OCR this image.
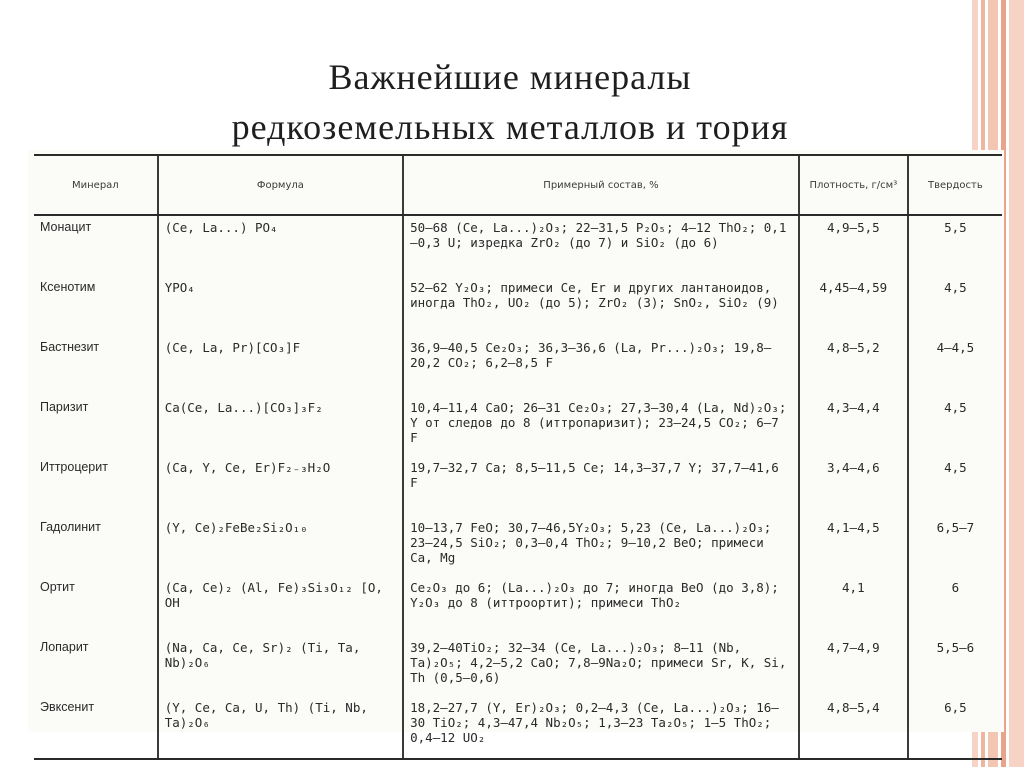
Важнейшие минералы
редкоземельных металлов и тория
Минерал	Формула	Примерный состав, %	Плотность, г/см³	Твердость
Монацит	(Ce, La...) PO₄	50—68 (Ce, La...)₂O₃; 22—31,5 P₂O₅; 4—12 ThO₂; 0,1—0,3 U; изредка ZrO₂ (до 7) и SiO₂ (до 6)	4,9—5,5	5,5
Ксенотим	YPO₄	52—62 Y₂O₃; примеси Ce, Er и других лантаноидов, иногда ThO₂, UO₂ (до 5); ZrO₂ (3); SnO₂, SiO₂ (9)	4,45—4,59	4,5
Бастнезит	(Ce, La, Pr)[CO₃]F	36,9—40,5 Ce₂O₃; 36,3—36,6 (La, Pr...)₂O₃; 19,8—20,2 CO₂; 6,2—8,5 F	4,8—5,2	4—4,5
Паризит	Ca(Ce, La...)[CO₃]₃F₂	10,4—11,4 CaO; 26—31 Ce₂O₃; 27,3—30,4 (La, Nd)₂O₃; Y от следов до 8 (иттропаризит); 23—24,5 CO₂; 6—7 F	4,3—4,4	4,5
Иттроцерит	(Ca, Y, Ce, Er)F₂₋₃H₂O	19,7—32,7 Ca; 8,5—11,5 Ce; 14,3—37,7 Y; 37,7—41,6 F	3,4—4,6	4,5
Гадолинит	(Y, Ce)₂FeBe₂Si₂O₁₀	10—13,7 FeO; 30,7—46,5Y₂O₃; 5,23 (Ce, La...)₂O₃; 23—24,5 SiO₂; 0,3—0,4 ThO₂; 9—10,2 BeO; примеси Ca, Mg	4,1—4,5	6,5—7
Ортит	(Ca, Ce)₂ (Al, Fe)₃Si₃O₁₂ [O, OH	Ce₂O₃ до 6; (La...)₂O₃ до 7; иногда BeO (до 3,8); Y₂O₃ до 8 (иттроортит); примеси ThO₂	4,1	6
Лопарит	(Na, Ca, Ce, Sr)₂ (Ti, Ta, Nb)₂O₆	39,2—40TiO₂; 32—34 (Ce, La...)₂O₃; 8—11 (Nb, Ta)₂O₅; 4,2—5,2 CaO; 7,8—9Na₂O; примеси Sr, K, Si, Th (0,5—0,6)	4,7—4,9	5,5—6
Эвксенит	(Y, Ce, Ca, U, Th) (Ti, Nb, Ta)₂O₆	18,2—27,7 (Y, Er)₂O₃; 0,2—4,3 (Ce, La...)₂O₃; 16—30 TiO₂; 4,3—47,4 Nb₂O₅; 1,3—23 Ta₂O₅; 1—5 ThO₂; 0,4—12 UO₂	4,8—5,4	6,5
